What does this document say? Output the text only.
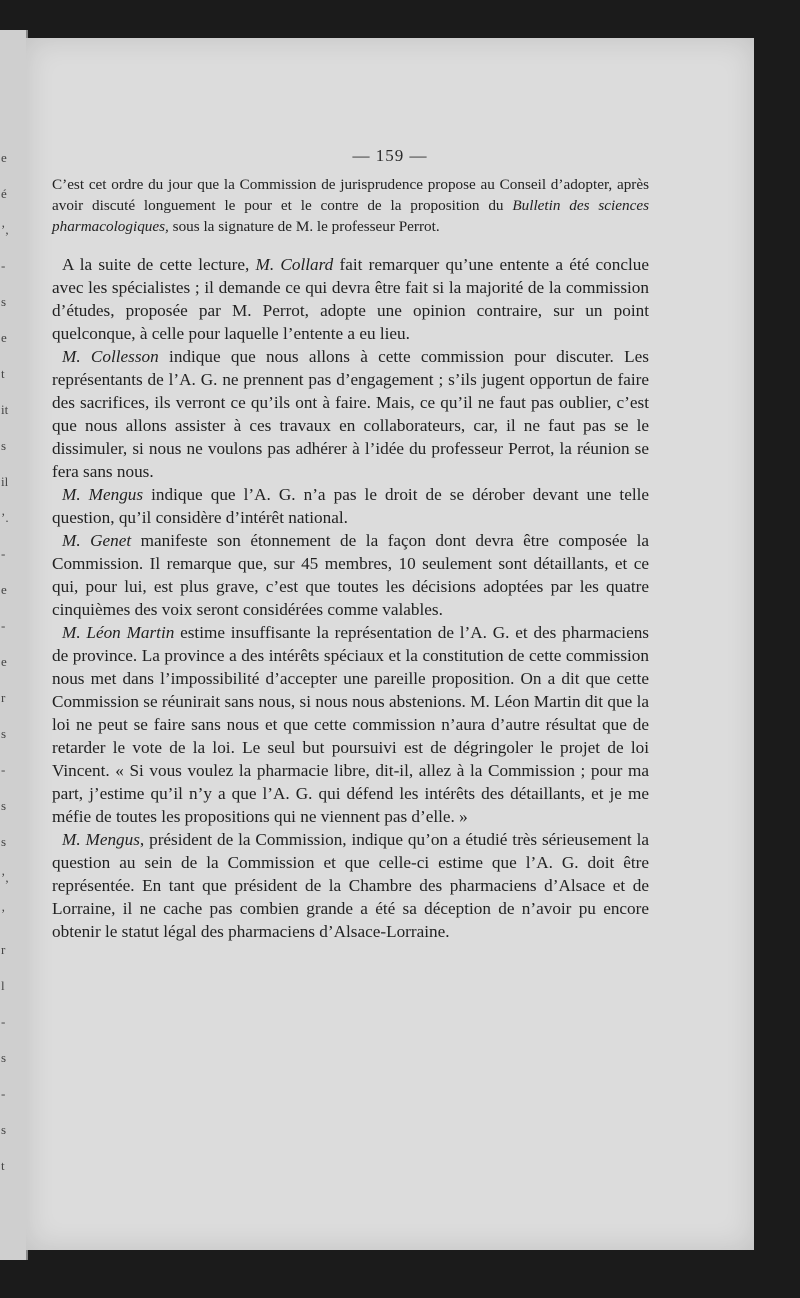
e
é
’,
-
s
e
t
it
s
il
’.
-
e
-
e
r
s
-
s
s
’,
’
r
l
-
s
-
s
t
— 159 —

C’est cet ordre du jour que la Commission de jurisprudence propose au Conseil d’adopter, après avoir discuté longuement le pour et le contre de la proposition du Bulletin des sciences pharmacologiques, sous la signature de M. le professeur Perrot.

A la suite de cette lecture, M. Collard fait remarquer qu’une entente a été conclue avec les spécialistes ; il demande ce qui devra être fait si la majorité de la commission d’études, proposée par M. Perrot, adopte une opinion contraire, sur un point quelconque, à celle pour laquelle l’entente a eu lieu.

M. Collesson indique que nous allons à cette commission pour discuter. Les représentants de l’A. G. ne prennent pas d’engagement ; s’ils jugent opportun de faire des sacrifices, ils verront ce qu’ils ont à faire. Mais, ce qu’il ne faut pas oublier, c’est que nous allons assister à ces travaux en collaborateurs, car, il ne faut pas se le dissimuler, si nous ne voulons pas adhérer à l’idée du professeur Perrot, la réunion se fera sans nous.

M. Mengus indique que l’A. G. n’a pas le droit de se dérober devant une telle question, qu’il considère d’intérêt national.

M. Genet manifeste son étonnement de la façon dont devra être composée la Commission. Il remarque que, sur 45 membres, 10 seulement sont détaillants, et ce qui, pour lui, est plus grave, c’est que toutes les décisions adoptées par les quatre cinquièmes des voix seront considérées comme valables.

M. Léon Martin estime insuffisante la représentation de l’A. G. et des pharmaciens de province. La province a des intérêts spéciaux et la constitution de cette commission nous met dans l’impossibilité d’accepter une pareille proposition. On a dit que cette Commission se réunirait sans nous, si nous nous abstenions. M. Léon Martin dit que la loi ne peut se faire sans nous et que cette commission n’aura d’autre résultat que de retarder le vote de la loi. Le seul but poursuivi est de dégringoler le projet de loi Vincent. « Si vous voulez la pharmacie libre, dit-il, allez à la Commission ; pour ma part, j’estime qu’il n’y a que l’A. G. qui défend les intérêts des détaillants, et je me méfie de toutes les propositions qui ne viennent pas d’elle. »

M. Mengus, président de la Commission, indique qu’on a étudié très sérieusement la question au sein de la Commission et que celle-ci estime que l’A. G. doit être représentée. En tant que président de la Chambre des pharmaciens d’Alsace et de Lorraine, il ne cache pas combien grande a été sa déception de n’avoir pu encore obtenir le statut légal des pharmaciens d’Alsace-Lorraine.
